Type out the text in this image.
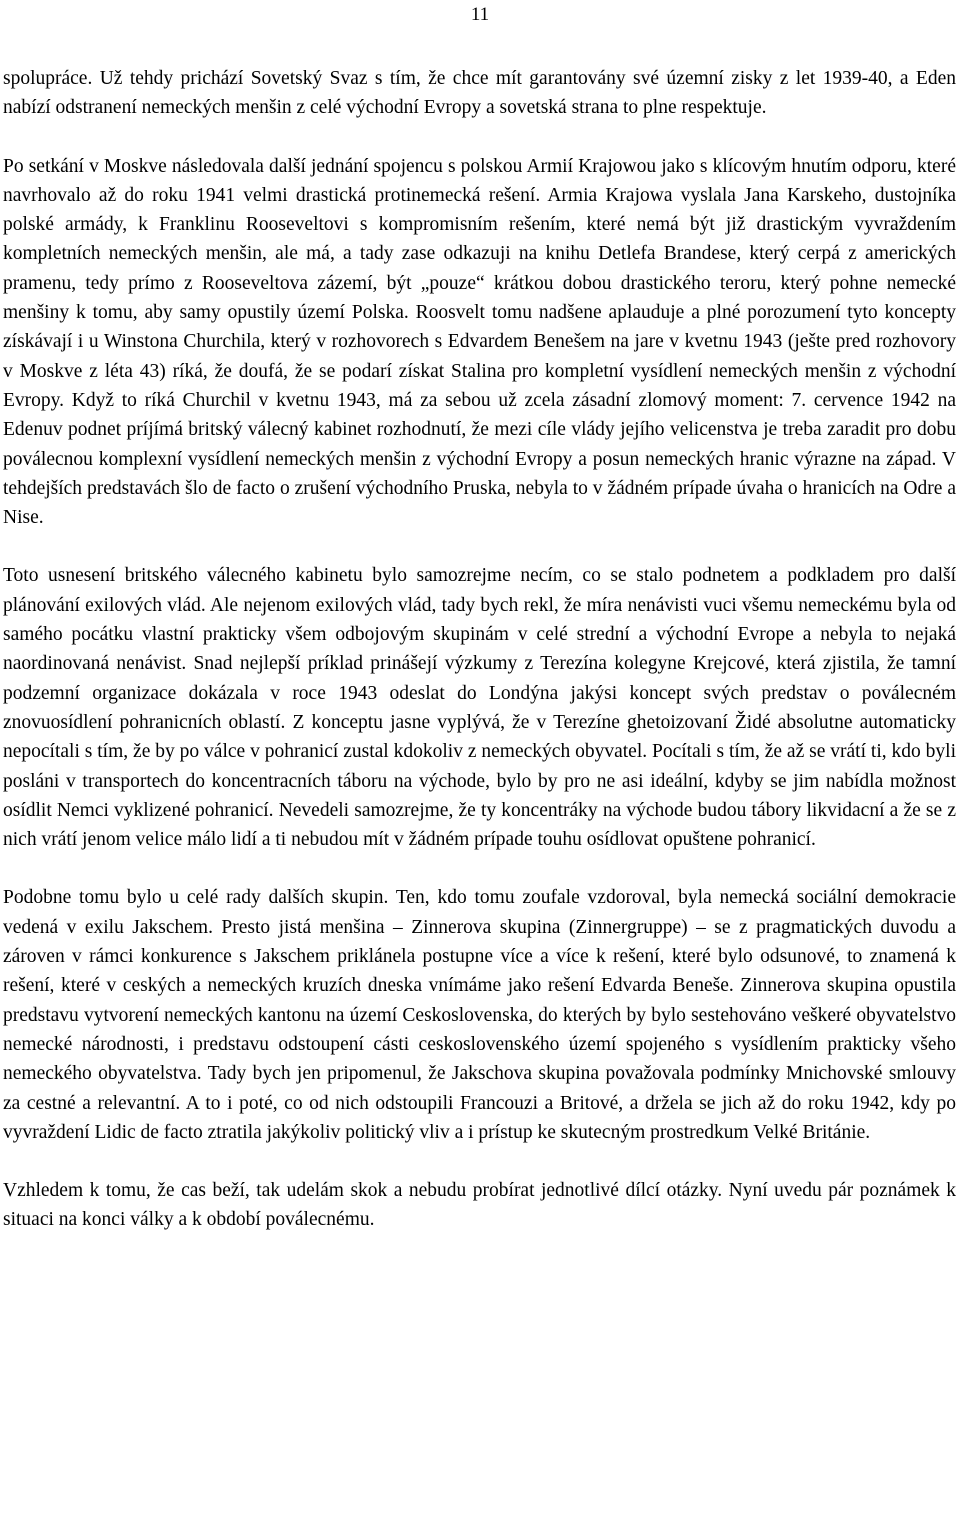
11

spolupráce. Už tehdy prichází Sovetský Svaz s tím, že chce mít garantovány své územní zisky z let 1939-40, a Eden nabízí odstranení nemeckých menšin z celé východní Evropy a sovetská strana to plne respektuje.

Po setkání v Moskve následovala další jednání spojencu s polskou Armií Krajowou jako s klícovým hnutím odporu, které navrhovalo až do roku 1941 velmi drastická protinemecká rešení. Armia Krajowa vyslala Jana Karskeho, dustojníka polské armády, k Franklinu Rooseveltovi s kompromisním rešením, které nemá být již drastickým vyvraždením kompletních nemeckých menšin, ale má, a tady zase odkazuji na knihu Detlefa Brandese, který cerpá z amerických pramenu, tedy prímo z Rooseveltova zázemí, být „pouze“ krátkou dobou drastického teroru, který pohne nemecké menšiny k tomu, aby samy opustily území Polska. Roosvelt tomu nadšene aplauduje a plné porozumení tyto koncepty získávají i u Winstona Churchila, který v rozhovorech s Edvardem Benešem na jare v kvetnu 1943 (ješte pred rozhovory v Moskve z léta 43) ríká, že doufá, že se podarí získat Stalina pro kompletní vysídlení nemeckých menšin z východní Evropy. Když to ríká Churchil v kvetnu 1943, má za sebou už zcela zásadní zlomový moment: 7. cervence 1942 na Edenuv podnet príjímá britský válecný kabinet rozhodnutí, že mezi cíle vlády jejího velicenstva je treba zaradit pro dobu poválecnou komplexní vysídlení nemeckých menšin z východní Evropy a posun nemeckých hranic výrazne na západ. V tehdejších predstavách šlo de facto o zrušení východního Pruska, nebyla to v žádném prípade úvaha o hranicích na Odre a Nise.

Toto usnesení britského válecného kabinetu bylo samozrejme necím, co se stalo podnetem a podkladem pro další plánování exilových vlád. Ale nejenom exilových vlád, tady bych rekl, že míra nenávisti vuci všemu nemeckému byla od samého pocátku vlastní prakticky všem odbojovým skupinám v celé strední a východní Evrope a nebyla to nejaká naordinovaná nenávist. Snad nejlepší príklad prinášejí výzkumy z Terezína kolegyne Krejcové, která zjistila, že tamní podzemní organizace dokázala v roce 1943 odeslat do Londýna jakýsi koncept svých predstav o poválecném znovuosídlení pohranicních oblastí. Z konceptu jasne vyplývá, že v Terezíne ghetoizovaní Židé absolutne automaticky nepocítali s tím, že by po válce v pohranicí zustal kdokoliv z nemeckých obyvatel. Pocítali s tím, že až se vrátí ti, kdo byli posláni v transportech do koncentracních táboru na východe, bylo by pro ne asi ideální, kdyby se jim nabídla možnost osídlit Nemci vyklizené pohranicí. Nevedeli samozrejme, že ty koncentráky na východe budou tábory likvidacní a že se z nich vrátí jenom velice málo lidí a ti nebudou mít v žádném prípade touhu osídlovat opuštene pohranicí.

Podobne tomu bylo u celé rady dalších skupin. Ten, kdo tomu zoufale vzdoroval, byla nemecká sociální demokracie vedená v exilu Jakschem. Presto jistá menšina – Zinnerova skupina (Zinnergruppe) – se z pragmatických duvodu a zároven v rámci konkurence s Jakschem priklánela postupne více a více k rešení, které bylo odsunové, to znamená k rešení, které v ceských a nemeckých kruzích dneska vnímáme jako rešení Edvarda Beneše. Zinnerova skupina opustila predstavu vytvorení nemeckých kantonu na území Ceskoslovenska, do kterých by bylo sestehováno veškeré obyvatelstvo nemecké národnosti, i predstavu odstoupení cásti ceskoslovenského území spojeného s vysídlením prakticky všeho nemeckého obyvatelstva. Tady bych jen pripomenul, že Jakschova skupina považovala podmínky Mnichovské smlouvy za cestné a relevantní. A to i poté, co od nich odstoupili Francouzi a Britové, a držela se jich až do roku 1942, kdy po vyvraždení Lidic de facto ztratila jakýkoliv politický vliv a i prístup ke skutecným prostredkum Velké Británie.

Vzhledem k tomu, že cas beží, tak udelám skok a nebudu probírat jednotlivé dílcí otázky. Nyní uvedu pár poznámek k situaci na konci války a k období poválecnému.
